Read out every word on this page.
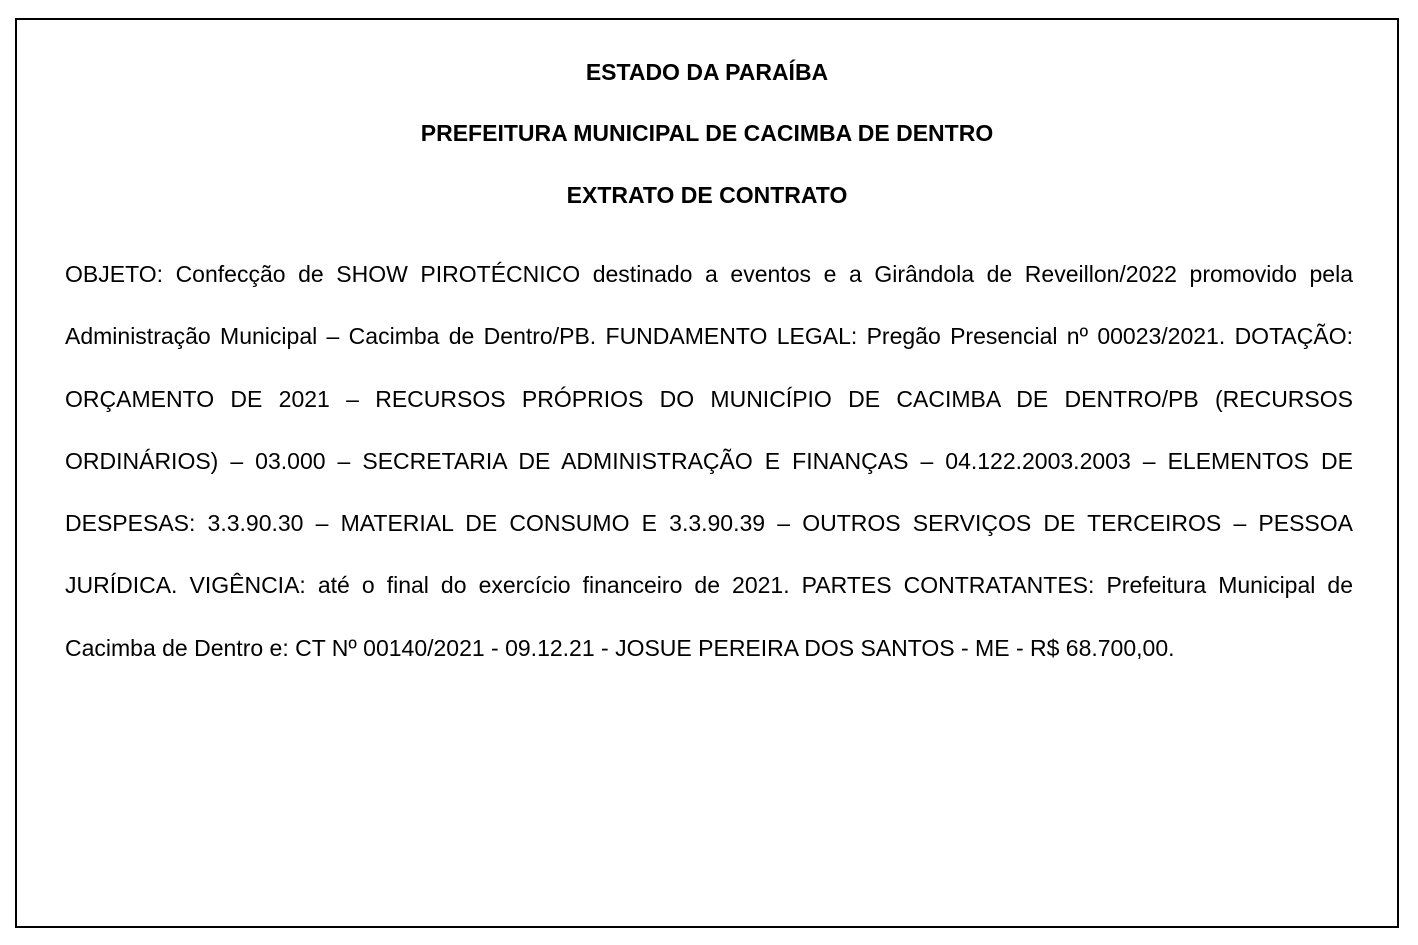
ESTADO DA PARAÍBA
PREFEITURA MUNICIPAL DE CACIMBA DE DENTRO
EXTRATO DE CONTRATO
OBJETO: Confecção de SHOW PIROTÉCNICO destinado a eventos e a Girândola de Reveillon/2022 promovido pela Administração Municipal – Cacimba de Dentro/PB. FUNDAMENTO LEGAL: Pregão Presencial nº 00023/2021. DOTAÇÃO: ORÇAMENTO DE 2021 – RECURSOS PRÓPRIOS DO MUNICÍPIO DE CACIMBA DE DENTRO/PB (RECURSOS ORDINÁRIOS) – 03.000 – SECRETARIA DE ADMINISTRAÇÃO E FINANÇAS – 04.122.2003.2003 – ELEMENTOS DE DESPESAS: 3.3.90.30 – MATERIAL DE CONSUMO E 3.3.90.39 – OUTROS SERVIÇOS DE TERCEIROS – PESSOA JURÍDICA. VIGÊNCIA: até o final do exercício financeiro de 2021. PARTES CONTRATANTES: Prefeitura Municipal de Cacimba de Dentro e: CT Nº 00140/2021 - 09.12.21 - JOSUE PEREIRA DOS SANTOS - ME - R$ 68.700,00.
